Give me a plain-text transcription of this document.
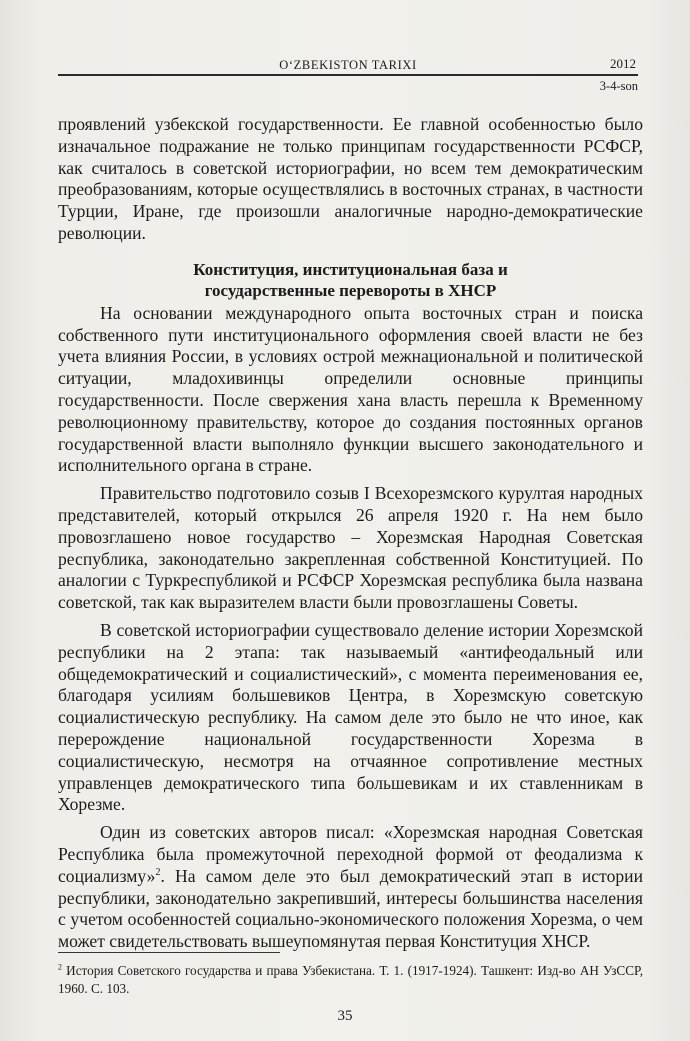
O‘ZBEKISTON TARIXI	2012
3-4-son

проявлений узбекской государственности. Ее главной особенностью было изначальное подражание не только принципам государственности РСФСР, как считалось в советской историографии, но всем тем демократическим преобразованиям, которые осуществлялись в восточных странах, в частности Турции, Иране, где произошли аналогичные народно-демократические революции.

Конституция, институциональная база и
государственные перевороты в ХНСР

На основании международного опыта восточных стран и поиска собственного пути институционального оформления своей власти не без учета влияния России, в условиях острой межнациональной и политической ситуации, младохивинцы определили основные принципы государственности. После свержения хана власть перешла к Временному революционному правительству, которое до создания постоянных органов государственной власти выполняло функции высшего законодательного и исполнительного органа в стране.

Правительство подготовило созыв I Всехорезмского курултая народных представителей, который открылся 26 апреля 1920 г. На нем было провозглашено новое государство – Хорезмская Народная Советская республика, законодательно закрепленная собственной Конституцией. По аналогии с Туркреспубликой и РСФСР Хорезмская республика была названа советской, так как выразителем власти были провозглашены Советы.

В советской историографии существовало деление истории Хорезмской республики на 2 этапа: так называемый «антифеодальный или общедемократический и социалистический», с момента переименования ее, благодаря усилиям большевиков Центра, в Хорезмскую советскую социалистическую республику. На самом деле это было не что иное, как перерождение национальной государственности Хорезма в социалистическую, несмотря на отчаянное сопротивление местных управленцев демократического типа большевикам и их ставленникам в Хорезме.

Один из советских авторов писал: «Хорезмская народная Советская Республика была промежуточной переходной формой от феодализма к социализму»$^2$. На самом деле это был демократический этап в истории республики, законодательно закрепивший, интересы большинства населения с учетом особенностей социально-экономического положения Хорезма, о чем может свидетельствовать вышеупомянутая первая Конституция ХНСР.

$^2$ История Советского государства и права Узбекистана. Т. 1. (1917-1924). Ташкент: Изд-во АН УзССР, 1960. С. 103.
35
